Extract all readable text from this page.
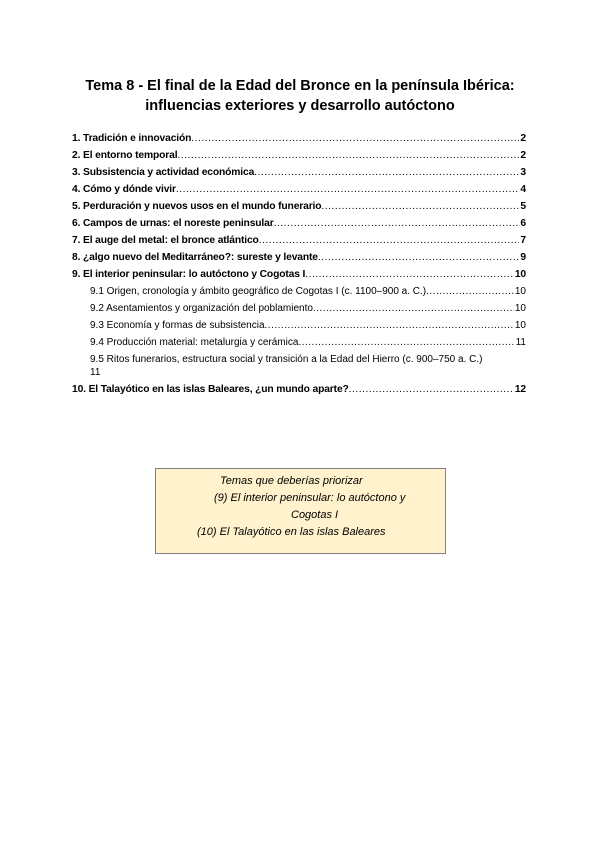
Tema 8 - El final de la Edad del Bronce en la península Ibérica:
influencias exteriores y desarrollo autóctono
1. Tradición e innovación .....	2
2. El entorno temporal .....	2
3. Subsistencia y actividad económica .....	3
4. Cómo y dónde vivir .....	4
5. Perduración y nuevos usos en el mundo funerario .....	5
6. Campos de urnas: el noreste peninsular .....	6
7. El auge del metal: el bronce atlántico .....	7
8. ¿algo nuevo del Meditarráneo?: sureste y levante .....	9
9. El interior peninsular: lo autóctono y Cogotas I .....	10
9.1 Origen, cronología y ámbito geográfico de Cogotas I (c. 1100–900 a. C.) .....	10
9.2 Asentamientos y organización del poblamiento .....	10
9.3 Economía y formas de subsistencia .....	10
9.4 Producción material: metalurgia y cerámica .....	11
9.5 Ritos funerarios, estructura social y transición a la Edad del Hierro (c. 900–750 a. C.)
11
10. El Talayótico en las islas Baleares, ¿un mundo aparte? .....	12
Temas que deberías priorizar
(9) El interior peninsular: lo autóctono y
Cogotas I
(10) El Talayótico en las islas Baleares
